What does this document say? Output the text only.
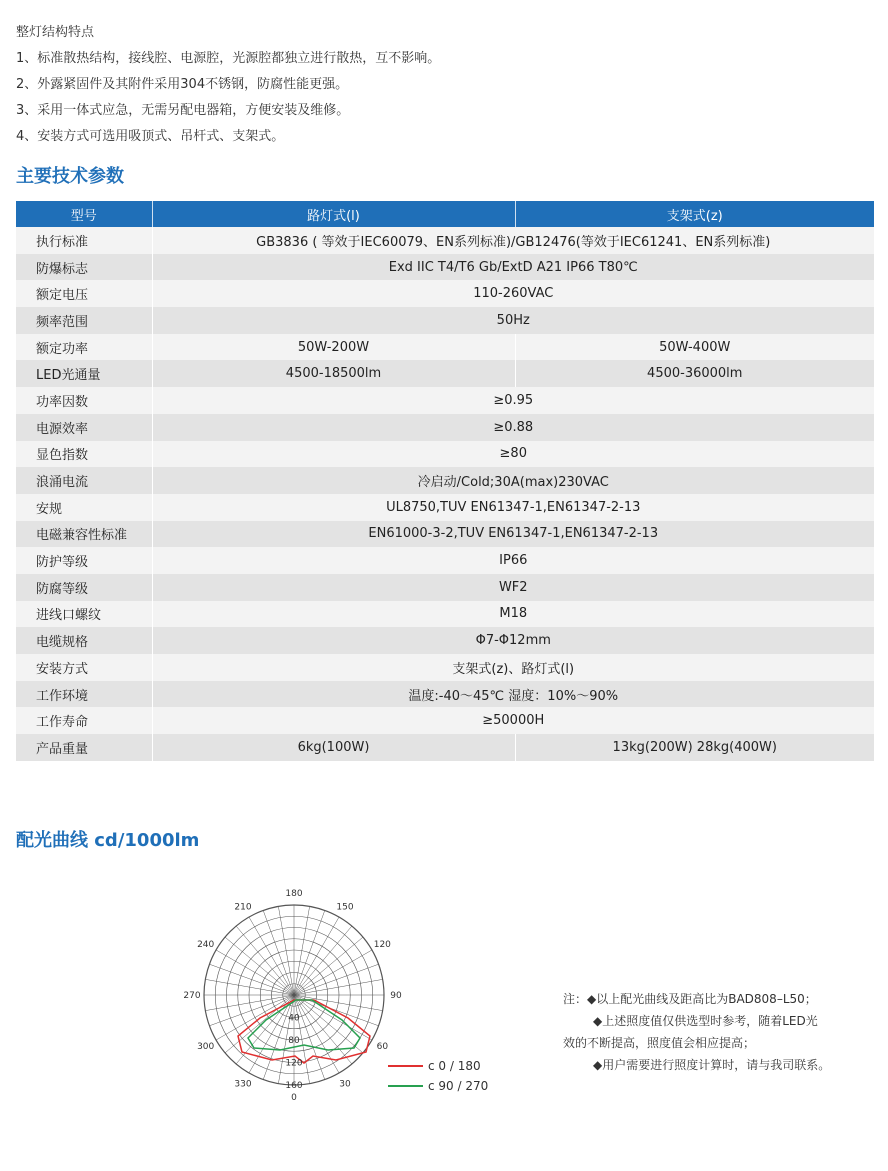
整灯结构特点
1、标准散热结构，接线腔、电源腔，光源腔都独立进行散热，互不影响。
2、外露紧固件及其附件采用304不锈钢，防腐性能更强。
3、采用一体式应急，无需另配电器箱，方便安装及维修。
4、安装方式可选用吸顶式、吊杆式、支架式。
主要技术参数
型号	路灯式(l)	支架式(z)
执行标准	GB3836 ( 等效于IEC60079、EN系列标准)/GB12476(等效于IEC61241、EN系列标准)	
防爆标志	Exd IIC T4/T6 Gb/ExtD A21 IP66 T80℃	
额定电压	110-260VAC	
频率范围	50Hz	
额定功率	50W-200W	50W-400W
LED光通量	4500-18500lm	4500-36000lm
功率因数	≥0.95	
电源效率	≥0.88	
显色指数	≥80	
浪涌电流	冷启动/Cold;30A(max)230VAC	
安规	UL8750,TUV EN61347-1,EN61347-2-13	
电磁兼容性标准	EN61000-3-2,TUV EN61347-1,EN61347-2-13	
防护等级	IP66	
防腐等级	WF2	
进线口螺纹	M18	
电缆规格	Φ7-Φ12mm	
安装方式	支架式(z)、路灯式(l)	
工作环境	温度:-40～45℃ 湿度：10%～90%	
工作寿命	≥50000H	
产品重量	6kg(100W)	13kg(200W) 28kg(400W)
配光曲线 cd/1000lm
180
150
120
90
60
30
0
330
300
270
240
210
40
80
120
160
c 0 / 180
c 90 / 270
注：◆以上配光曲线及距高比为BAD808–L50；
◆上述照度值仅供选型时参考，随着LED光
效的不断提高，照度值会相应提高；
◆用户需要进行照度计算时，请与我司联系。
